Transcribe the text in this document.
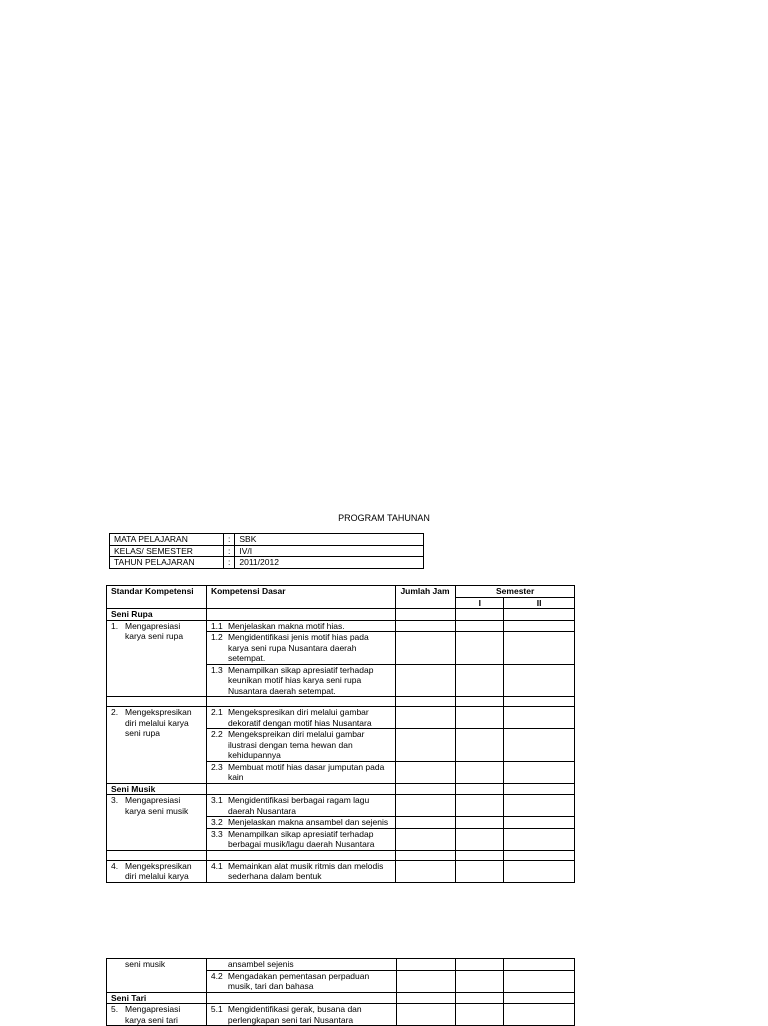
PROGRAM TAHUNAN
MATA PELAJARAN	:	SBK
KELAS/ SEMESTER	:	IV/I
TAHUN PELAJARAN	:	2011/2012
Standar Kompetensi	Kompetensi Dasar	Jumlah Jam	Semester	
			I	II
Seni Rupa				

1. Mengapresiasi karya seni rupa	1.1 Menjelaskan makna motif hias.			

	1.2 Mengidentifikasi jenis motif hias pada karya seni rupa Nusantara daerah setempat.			

	1.3 Menampilkan sikap apresiatif terhadap keunikan motif hias karya seni rupa Nusantara daerah setempat.			

2. Mengekspresikan diri melalui karya seni rupa	2.1 Mengekspresikan diri melalui gambar dekoratif dengan motif hias Nusantara			

	2.2 Mengekspreikan diri melalui gambar ilustrasi dengan tema hewan dan kehidupannya			

	2.3 Membuat motif hias dasar jumputan pada kain			

Seni Musik				

3. Mengapresiasi karya seni musik	3.1 Mengidentifikasi berbagai ragam lagu daerah Nusantara			

	3.2 Menjelaskan makna ansambel dan sejenis			

	3.3 Menampilkan sikap apresiatif terhadap berbagai musik/lagu daerah Nusantara			

4. Mengekspresikan diri melalui karya	4.1 Memainkan alat musik ritmis dan melodis sederhana dalam bentuk			

seni musik	ansambel sejenis			

	4.2 Mengadakan pementasan perpaduan musik, tari dan bahasa			

Seni Tari				

5. Mengapresiasi karya seni tari	5.1 Mengidentifikasi gerak, busana dan perlengkapan seni tari Nusantara			
